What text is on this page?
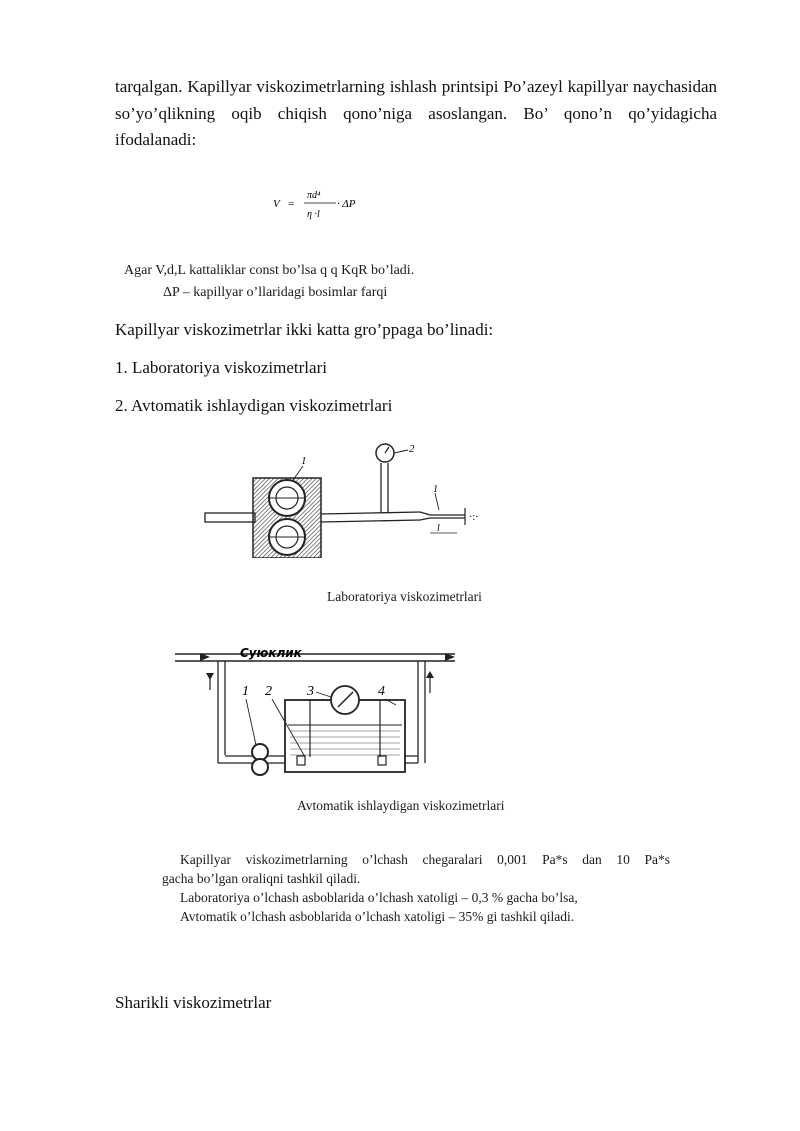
tarqalgan. Kapillyar viskozimetrlarning ishlash printsipi Po’azeyl kapillyar naychasidan so’yo’qlikning oqib chiqish qono’niga asoslangan. Bo’ qono’n qo’yidagicha ifodalanadi:
V =
πd⁴
η ·l
· ΔP
Agar V,d,L kattaliklar const bo’lsa q q KqR bo’ladi.
ΔP – kapillyar o’llaridagi bosimlar farqi
Kapillyar viskozimetrlar ikki katta gro’ppaga bo’linadi:
1. Laboratoriya viskozimetrlari
2. Avtomatik ishlaydigan viskozimetrlari
2
l
1
·:·
1
Laboratoriya viskozimetrlari
Суюклик
1 2	3	4
Avtomatik ishlaydigan viskozimetrlari
Kapillyar viskozimetrlarning o’lchash chegaralari 0,001 Pa*s dan 10 Pa*s
gacha bo’lgan oraliqni tashkil qiladi.
Laboratoriya o’lchash asboblarida o’lchash xatoligi – 0,3 % gacha bo’lsa,
Avtomatik o’lchash asboblarida o’lchash xatoligi – 35% gi tashkil qiladi.
Sharikli viskozimetrlar
